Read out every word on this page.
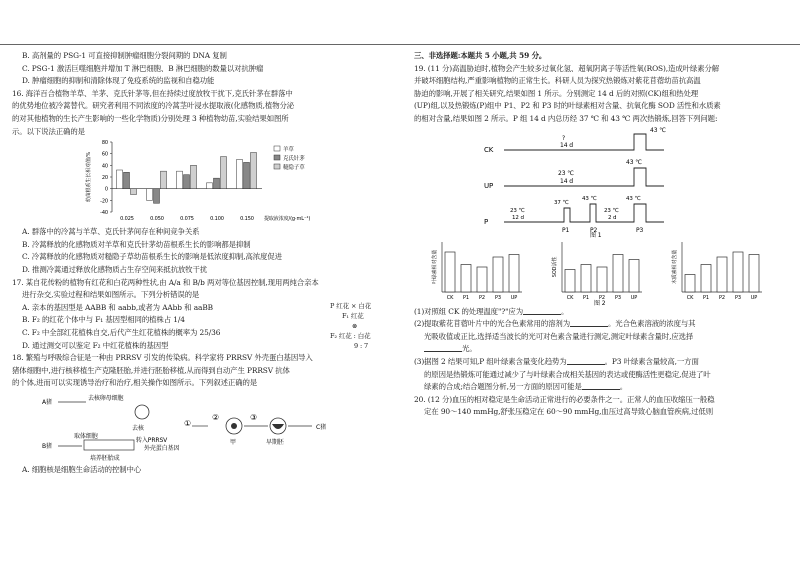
B. 高剂量的 PSG-1 可直接抑制肿瘤细胞分裂间期的 DNA 复制

C. PSG-1 激活巨噬细胞并增加 T 淋巴细胞、B 淋巴细胞的数量以对抗肿瘤

D. 肿瘤细胞的抑制和清除体现了免疫系统的监视和自稳功能

16. 海洋百合植物羊草、羊茅、克氏针茅等,但在持续过度放牧干扰下,克氏针茅在群落中

的优势地位被冷蒿替代。研究者利用不同浓度的冷蒿茎叶浸水提取液(化感物质,植物分泌

的对其他植物的生长产生影响的一些化学物质)分别处理 3 种植物幼苗,实验结果如图所

示。以下说法正确的是

-40
-20
0
20
40
60
80
幼苗根系生长相对值/%
0.025	0.050	0.075	0.100	0.150 提取液浓度/(g·mL⁻¹)
羊草
克氏针茅
糙隐子草

A. 群落中的冷蒿与羊草、克氏针茅间存在种间竞争关系

B. 冷蒿释放的化感物质对羊草和克氏针茅幼苗根系生长的影响都是抑制

C. 冷蒿释放的化感物质对糙隐子草幼苗根系生长的影响是低浓度抑制,高浓度促进

D. 推测冷蒿通过释放化感物质占生存空间来抵抗放牧干扰

17. 某自花传粉的植物有红花和白花两种性状,由 A/a 和 B/b 两对等位基因控制,现用两纯合亲本

进行杂交,实验过程和结果如图所示。下列分析错误的是

A. 亲本的基因型是 AABB 和 aabb,或者为 AAbb 和 aaBB

B. F₂ 的红花个体中与 F₁ 基因型相同的植株占 1/4

C. F₂ 中全部红花植株自交,后代产生红花植株的概率为 25/36

D. 通过测交可以鉴定 F₂ 中红花植株的基因型

P 红花 × 白花
F₁ 红花
⊗
F₂ 红花 : 白花
9 : 7

18. 繁殖与呼吸综合征是一种由 PRRSV 引发的传染病。科学家将 PRRSV 外壳蛋白基因导入

猪体细胞中,进行核移植生产克隆胚胎,并进行胚胎移植,从而得到自动产生 PRRSV 抗体

的个体,进而可以实现诱导治疗和治疗,相关操作如图所示。下列叙述正确的是

A猪
去核卵母细胞
去核
B猪
取体细胞
转入PRRSV
外壳蛋白基因
培养胚胎成
①
②
甲
③
早期胚
C猪

A. 细胞核是细胞生命活动的控制中心

三、非选择题:本题共 5 小题,共 59 分。

19. (11 分)高温胁迫时,植物会产生较多过氧化氢、超氧阴离子等活性氧(ROS),造成叶绿素分解

并破坏细胞结构,严重影响植物的正常生长。科研人员为探究热锻炼对紫花苜蓿幼苗抗高温

胁迫的影响,开展了相关研究,结果如图 1 所示。分别测定 14 d 后的对照(CK)组和热处理

(UP)组,以及热锻炼(P)组中 P1、P2 和 P3 时的叶绿素相对含量、抗氧化酶 SOD 活性和水质素

的相对含量,结果如图 2 所示。P 组 14 d 内总历经 37 ℃ 和 43 ℃ 两次热锻炼,回答下列问题:

CK
?
14 d
43 ℃
UP
23 ℃
14 d
43 ℃
P
23 ℃
12 d
37 ℃
43 ℃
23 ℃
2 d
43 ℃
P1	P2	P3
图 1
叶绿素相对含量
CK P1 P2 P3 UP
SOD活性
CK P1 P2 P3 UP
木质素相对含量
CK P1 P2 P3 UP
图 2

(1)对照组 CK 的处理温度"?"应为	。

(2)提取紫花苜蓿叶片中的光合色素常用的溶剂为	。光合色素溶液的浓度与其

光吸收值或正比,选择适当波长的光可对色素含量进行测定,测定叶绿素含量时,应选择

光。

(3)据图 2 结果可知,P 组叶绿素含量变化趋势为	。P3 叶绿素含量较高,一方面

的原因是热锻炼可能通过减少了与叶绿素合成相关基因的表达或使酶活性更稳定,促进了叶

绿素的合成;结合题图分析,另一方面的原因可能是	。

20. (12 分)血压的相对稳定是生命活动正常进行的必要条件之一。正常人的血压收缩压一般稳

定在 90～140 mmHg,舒张压稳定在 60～90 mmHg,血压过高导致心脑血管疾病,过低则
